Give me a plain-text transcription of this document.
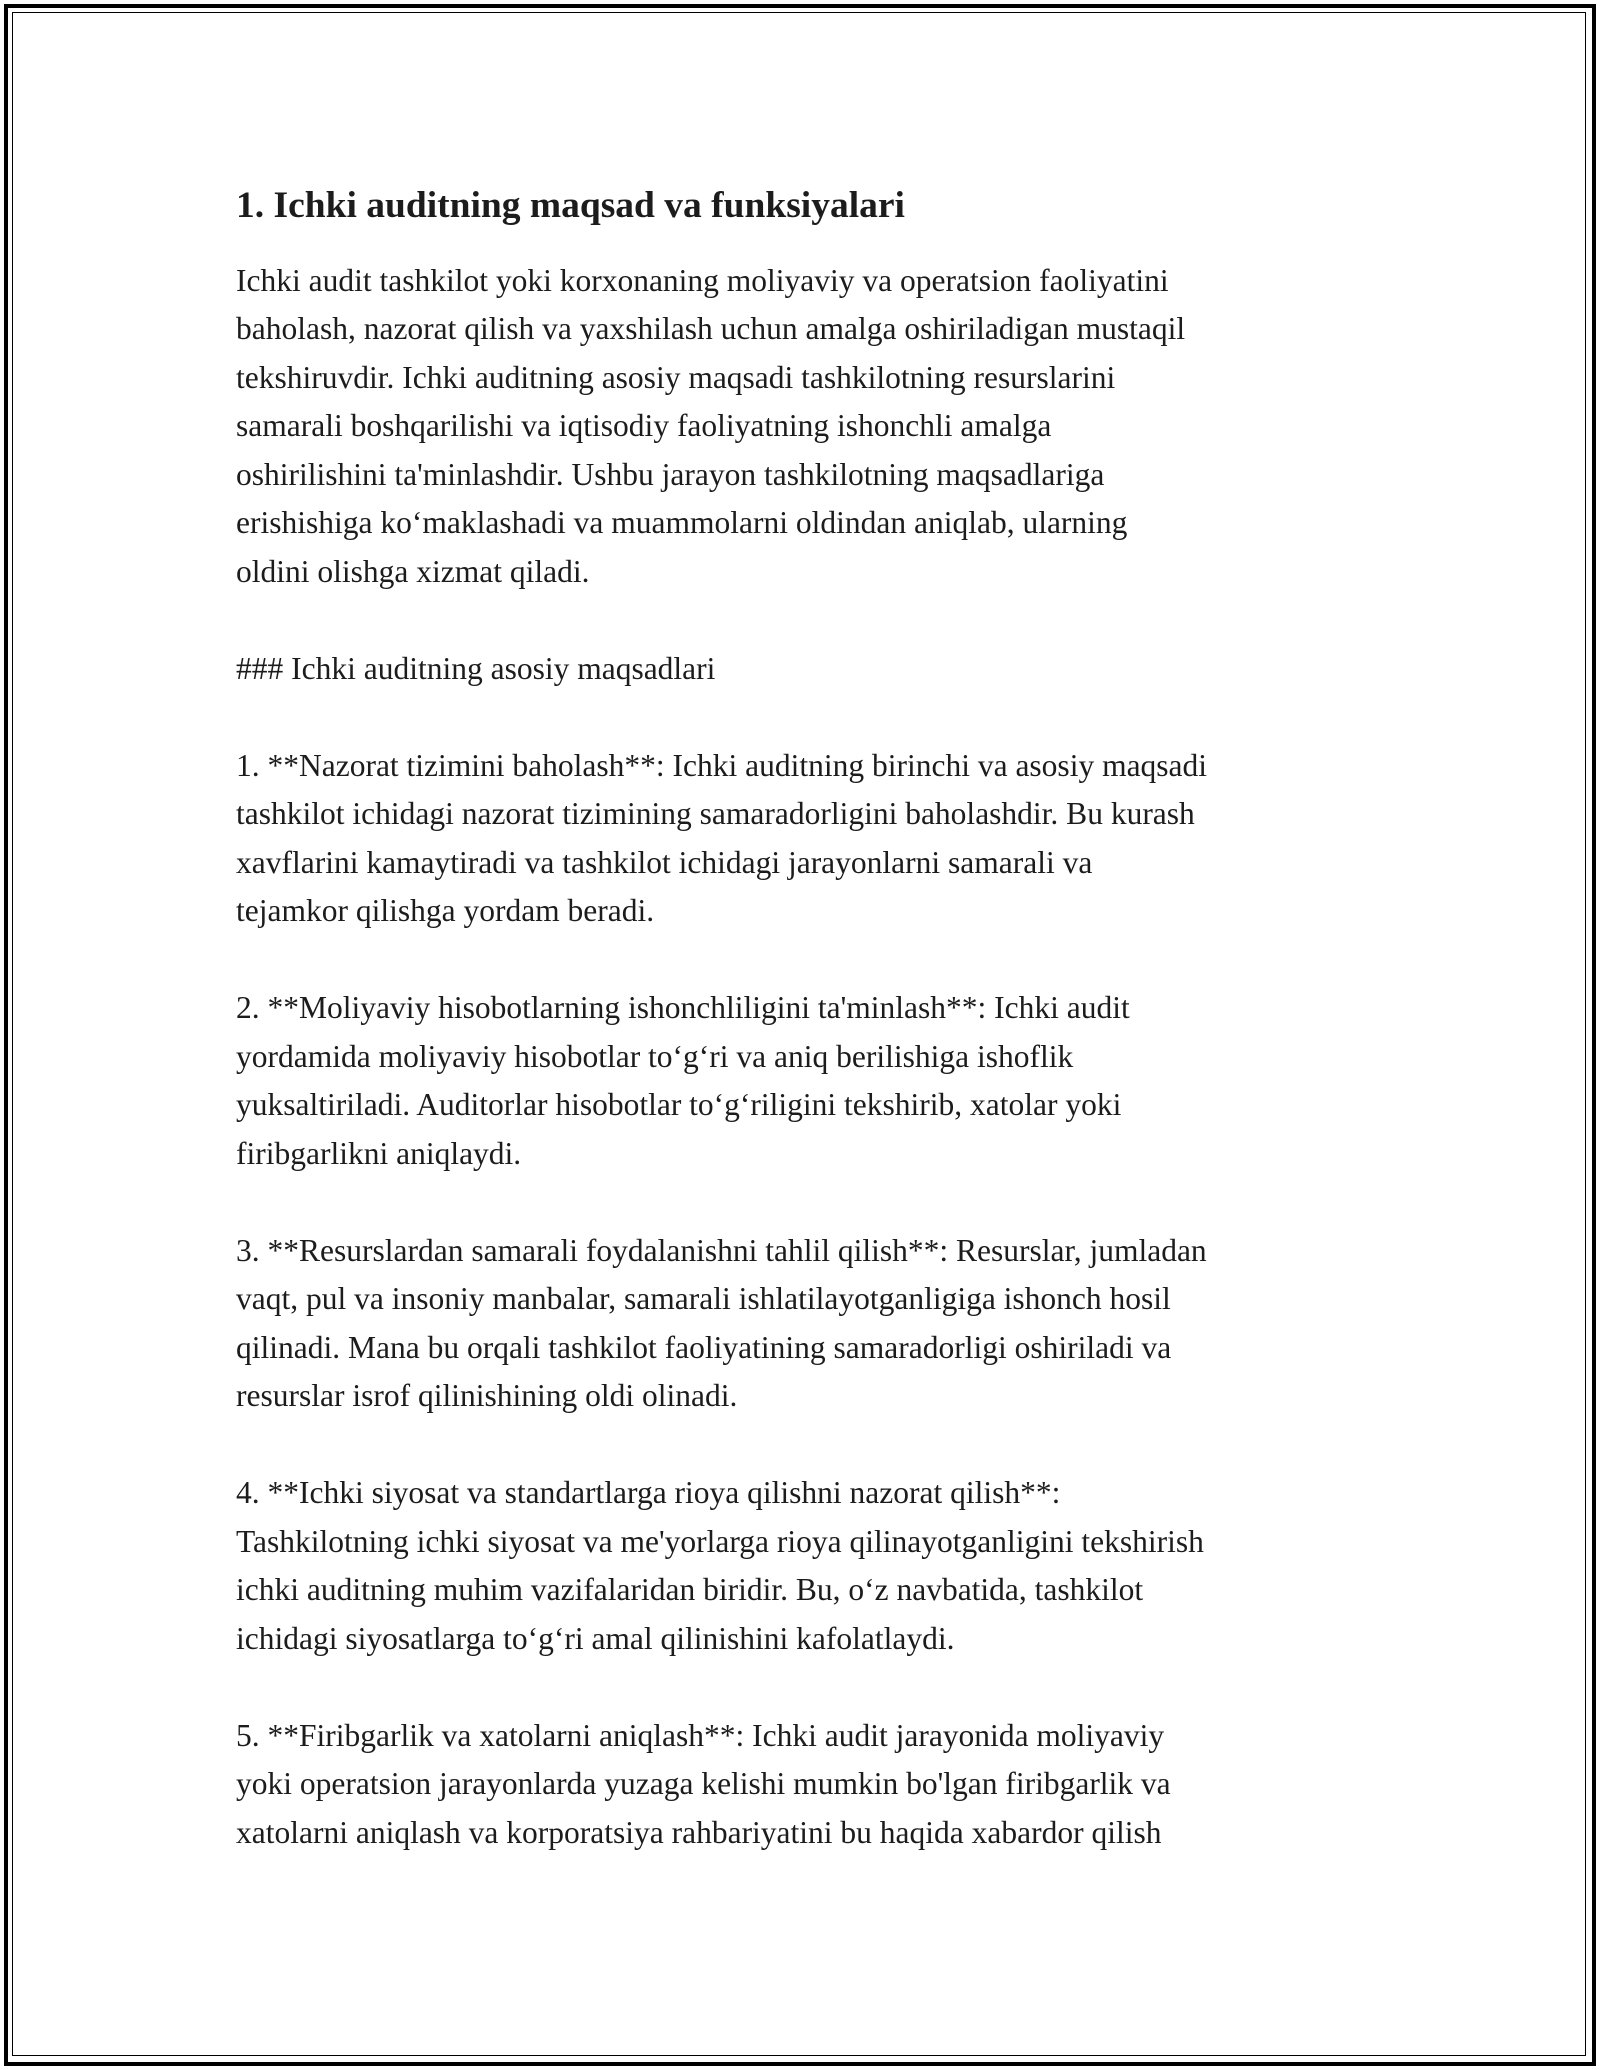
1. Ichki auditning maqsad va funksiyalari

Ichki audit tashkilot yoki korxonaning moliyaviy va operatsion faoliyatini
baholash, nazorat qilish va yaxshilash uchun amalga oshiriladigan mustaqil
tekshiruvdir. Ichki auditning asosiy maqsadi tashkilotning resurslarini
samarali boshqarilishi va iqtisodiy faoliyatning ishonchli amalga
oshirilishini ta'minlashdir. Ushbu jarayon tashkilotning maqsadlariga
erishishiga ko‘maklashadi va muammolarni oldindan aniqlab, ularning
oldini olishga xizmat qiladi.

### Ichki auditning asosiy maqsadlari

1. **Nazorat tizimini baholash**: Ichki auditning birinchi va asosiy maqsadi
tashkilot ichidagi nazorat tizimining samaradorligini baholashdir. Bu kurash
xavflarini kamaytiradi va tashkilot ichidagi jarayonlarni samarali va
tejamkor qilishga yordam beradi.

2. **Moliyaviy hisobotlarning ishonchliligini ta'minlash**: Ichki audit
yordamida moliyaviy hisobotlar to‘g‘ri va aniq berilishiga ishoflik
yuksaltiriladi. Auditorlar hisobotlar to‘g‘riligini tekshirib, xatolar yoki
firibgarlikni aniqlaydi.

3. **Resurslardan samarali foydalanishni tahlil qilish**: Resurslar, jumladan
vaqt, pul va insoniy manbalar, samarali ishlatilayotganligiga ishonch hosil
qilinadi. Mana bu orqali tashkilot faoliyatining samaradorligi oshiriladi va
resurslar isrof qilinishining oldi olinadi.

4. **Ichki siyosat va standartlarga rioya qilishni nazorat qilish**:
Tashkilotning ichki siyosat va me'yorlarga rioya qilinayotganligini tekshirish
ichki auditning muhim vazifalaridan biridir. Bu, o‘z navbatida, tashkilot
ichidagi siyosatlarga to‘g‘ri amal qilinishini kafolatlaydi.

5. **Firibgarlik va xatolarni aniqlash**: Ichki audit jarayonida moliyaviy
yoki operatsion jarayonlarda yuzaga kelishi mumkin bo'lgan firibgarlik va
xatolarni aniqlash va korporatsiya rahbariyatini bu haqida xabardor qilish
